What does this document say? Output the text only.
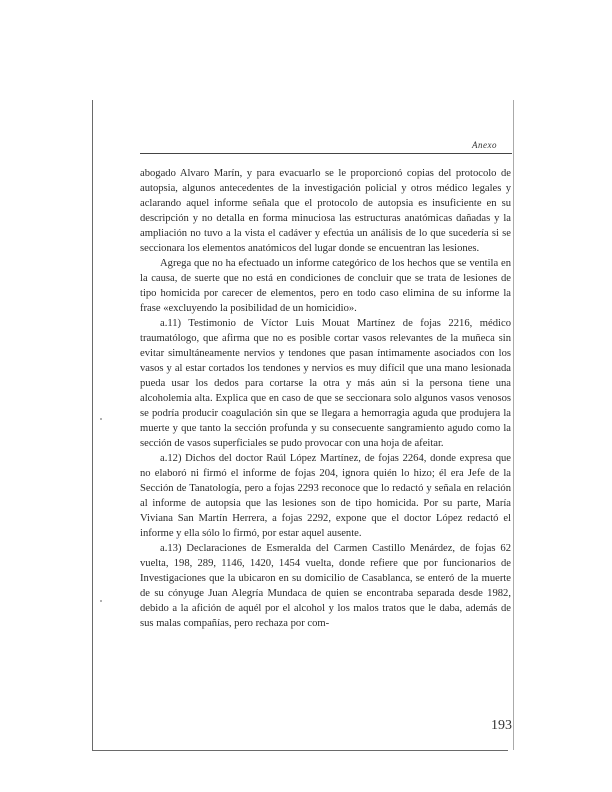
Anexo

abogado Alvaro Marín, y para evacuarlo se le proporcionó copias del protocolo de autopsia, algunos antecedentes de la investigación policial y otros médico legales y aclarando aquel informe señala que el protocolo de autopsia es insuficiente en su descripción y no detalla en forma minuciosa las estructuras anatómicas dañadas y la ampliación no tuvo a la vista el cadáver y efectúa un análisis de lo que sucedería si se seccionara los elementos anatómicos del lugar donde se encuentran las lesiones.

Agrega que no ha efectuado un informe categórico de los hechos que se ventila en la causa, de suerte que no está en condiciones de concluir que se trata de lesiones de tipo homicida por carecer de elementos, pero en todo caso elimina de su informe la frase «excluyendo la posibilidad de un homicidio».

a.11) Testimonio de Víctor Luis Mouat Martínez de fojas 2216, médico traumatólogo, que afirma que no es posible cortar vasos relevantes de la muñeca sin evitar simultáneamente nervios y tendones que pasan íntimamente asociados con los vasos y al estar cortados los tendones y nervios es muy difícil que una mano lesionada pueda usar los dedos para cortarse la otra y más aún si la persona tiene una alcoholemia alta. Explica que en caso de que se seccionara solo algunos vasos venosos se podría producir coagulación sin que se llegara a hemorragia aguda que produjera la muerte y que tanto la sección profunda y su consecuente sangramiento agudo como la sección de vasos superficiales se pudo provocar con una hoja de afeitar.

a.12) Dichos del doctor Raúl López Martínez, de fojas 2264, donde expresa que no elaboró ni firmó el informe de fojas 204, ignora quién lo hizo; él era Jefe de la Sección de Tanatología, pero a fojas 2293 reconoce que lo redactó y señala en relación al informe de autopsia que las lesiones son de tipo homicida. Por su parte, María Viviana San Martín Herrera, a fojas 2292, expone que el doctor López redactó el informe y ella sólo lo firmó, por estar aquel ausente.

a.13) Declaraciones de Esmeralda del Carmen Castillo Menárdez, de fojas 62 vuelta, 198, 289, 1146, 1420, 1454 vuelta, donde refiere que por funcionarios de Investigaciones que la ubicaron en su domicilio de Casablanca, se enteró de la muerte de su cónyuge Juan Alegría Mundaca de quien se encontraba separada desde 1982, debido a la afición de aquél por el alcohol y los malos tratos que le daba, además de sus malas compañías, pero rechaza por com-

193
